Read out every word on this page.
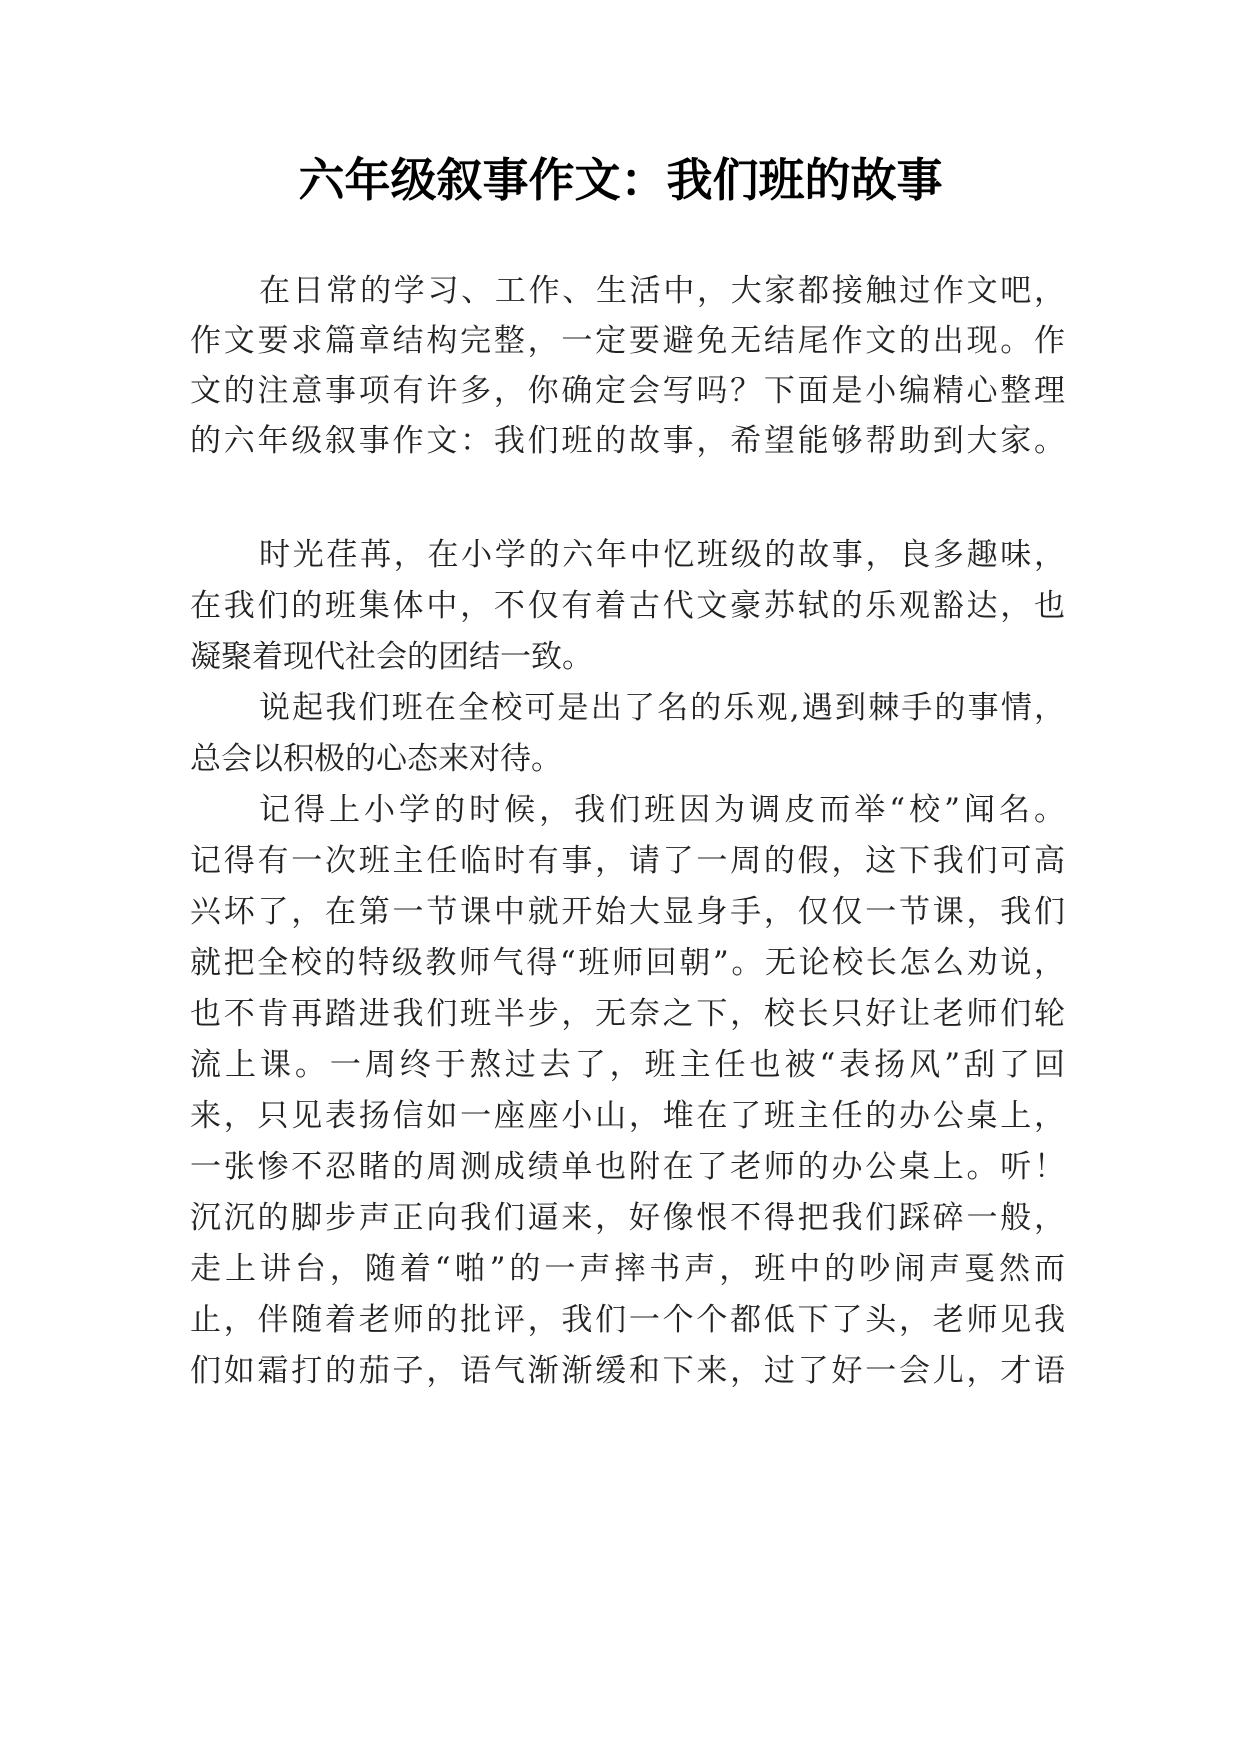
六年级叙事作文：我们班的故事

在日常的学习、工作、生活中，大家都接触过作文吧，

作文要求篇章结构完整，一定要避免无结尾作文的出现。作

文的注意事项有许多，你确定会写吗？下面是小编精心整理

的六年级叙事作文：我们班的故事，希望能够帮助到大家。

时光荏苒，在小学的六年中忆班级的故事，良多趣味，

在我们的班集体中，不仅有着古代文豪苏轼的乐观豁达，也

凝聚着现代社会的团结一致。

说起我们班在全校可是出了名的乐观,遇到棘手的事情，

总会以积极的心态来对待。

记得上小学的时候，我们班因为调皮而举“校”闻名。

记得有一次班主任临时有事，请了一周的假，这下我们可高

兴坏了，在第一节课中就开始大显身手，仅仅一节课，我们

就把全校的特级教师气得“班师回朝”。无论校长怎么劝说，

也不肯再踏进我们班半步，无奈之下，校长只好让老师们轮

流上课。一周终于熬过去了，班主任也被“表扬风”刮了回

来，只见表扬信如一座座小山，堆在了班主任的办公桌上，

一张惨不忍睹的周测成绩单也附在了老师的办公桌上。听！

沉沉的脚步声正向我们逼来，好像恨不得把我们踩碎一般，

走上讲台，随着“啪”的一声摔书声，班中的吵闹声戛然而

止，伴随着老师的批评，我们一个个都低下了头，老师见我

们如霜打的茄子，语气渐渐缓和下来，过了好一会儿，才语
